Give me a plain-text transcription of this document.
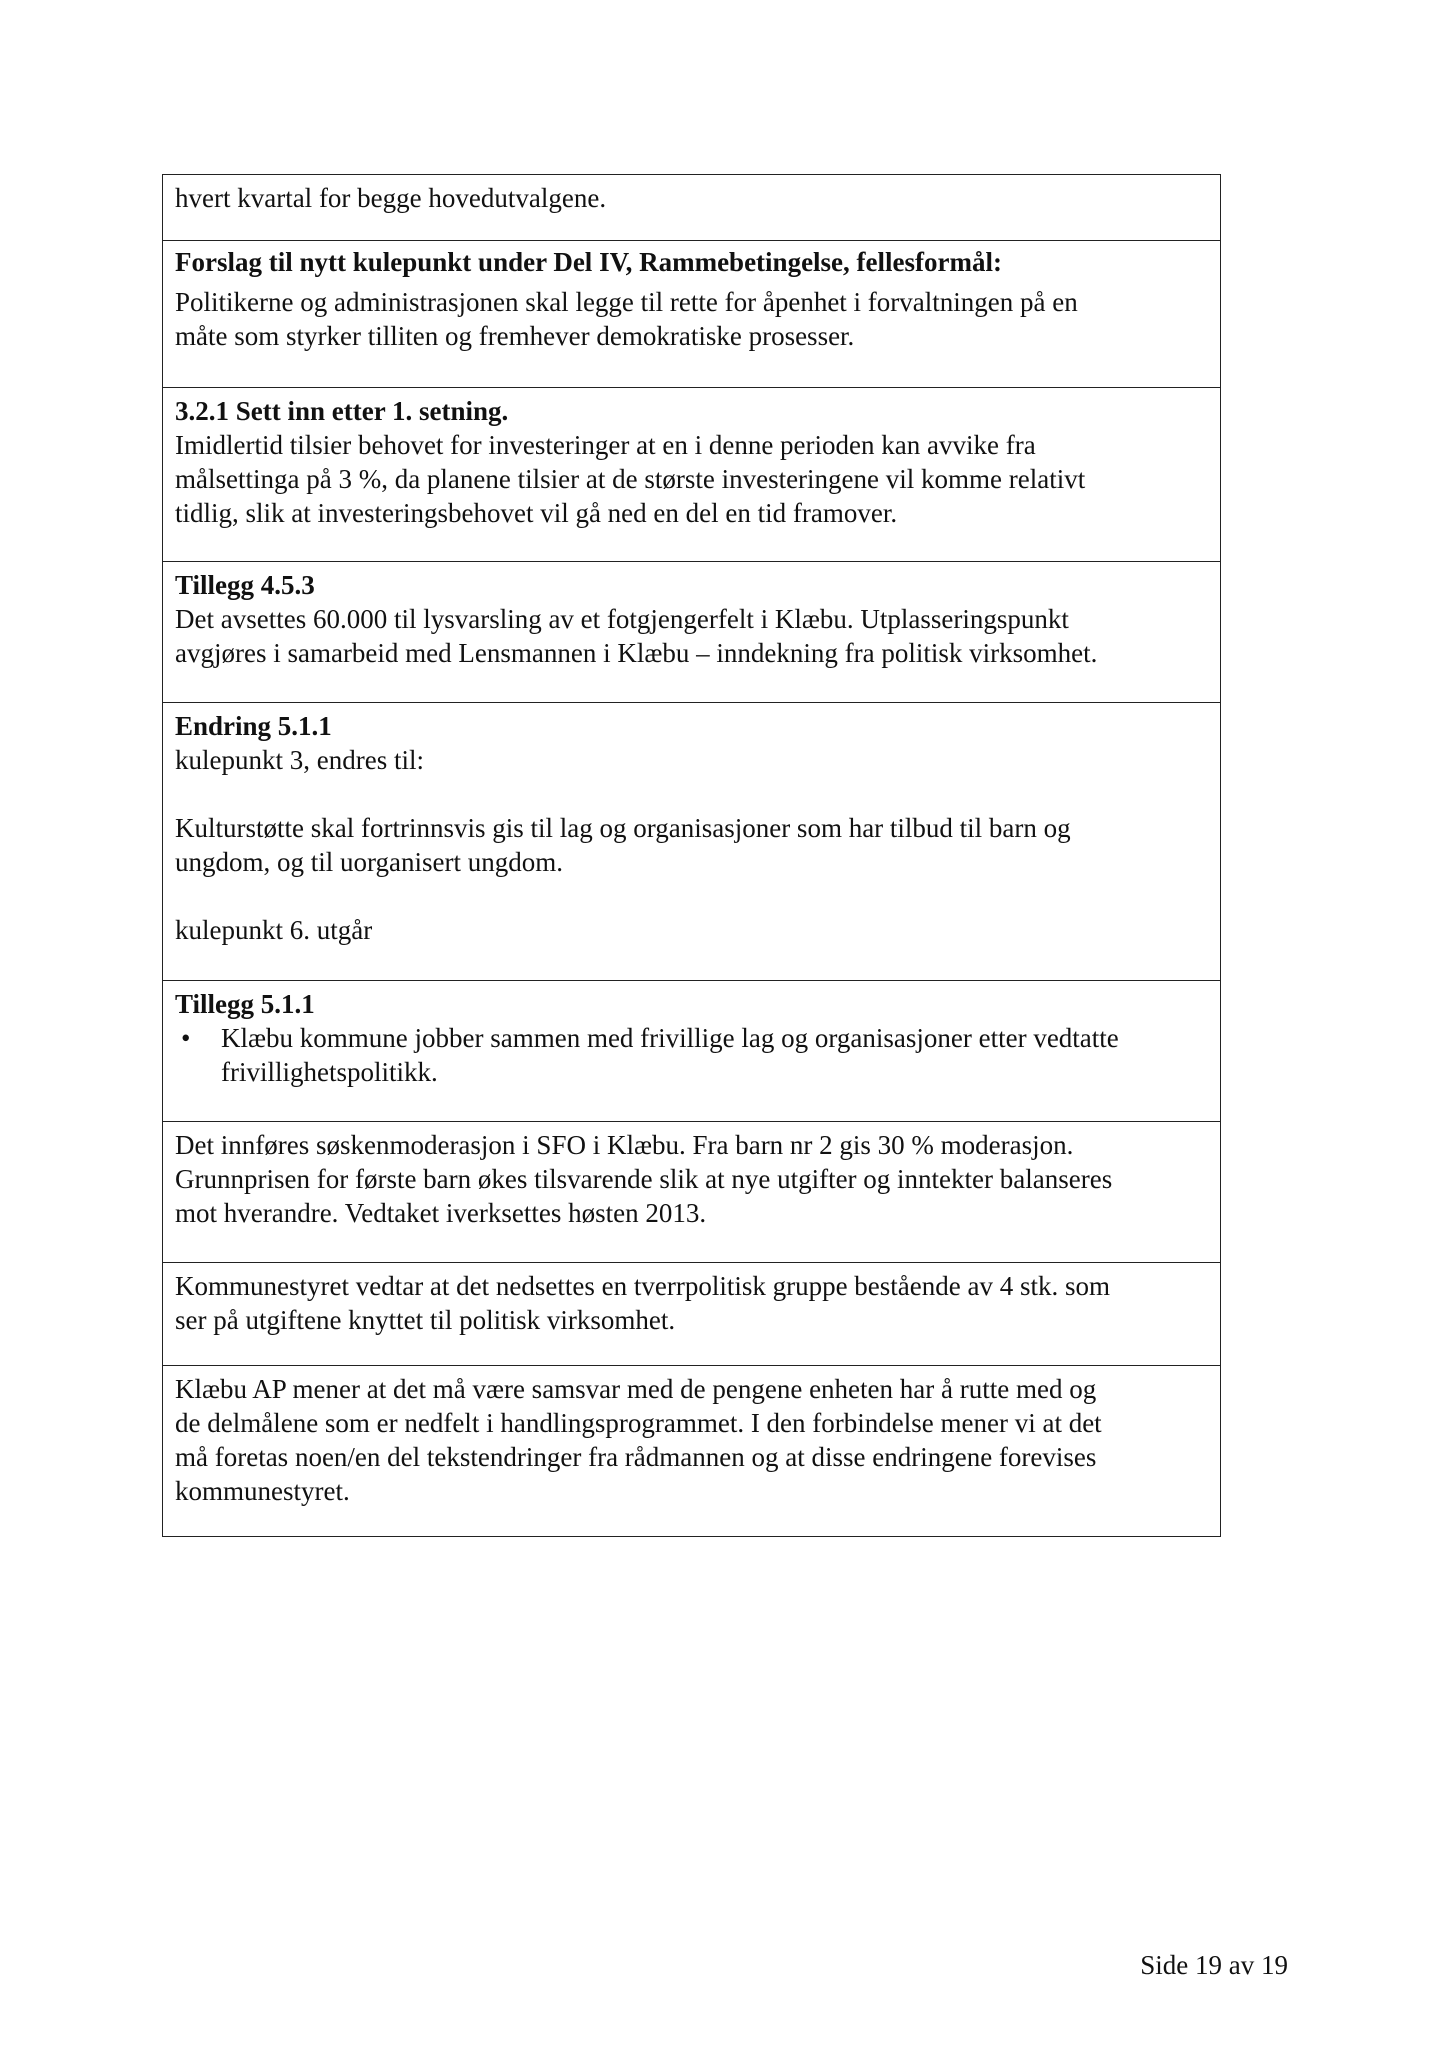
hvert kvartal for begge hovedutvalgene.

Forslag til nytt kulepunkt under Del IV, Rammebetingelse, fellesformål:

Politikerne og administrasjonen skal legge til rette for åpenhet i forvaltningen på en

måte som styrker tilliten og fremhever demokratiske prosesser.

3.2.1 Sett inn etter 1. setning.

Imidlertid tilsier behovet for investeringer at en i denne perioden kan avvike fra

målsettinga på 3 %, da planene tilsier at de største investeringene vil komme relativt

tidlig, slik at investeringsbehovet vil gå ned en del en tid framover.

Tillegg 4.5.3

Det avsettes 60.000 til lysvarsling av et fotgjengerfelt i Klæbu. Utplasseringspunkt

avgjøres i samarbeid med Lensmannen i Klæbu – inndekning fra politisk virksomhet.

Endring 5.1.1

kulepunkt 3, endres til:

Kulturstøtte skal fortrinnsvis gis til lag og organisasjoner som har tilbud til barn og

ungdom, og til uorganisert ungdom.

kulepunkt 6. utgår

Tillegg 5.1.1

•	Klæbu kommune jobber sammen med frivillige lag og organisasjoner etter vedtatte

frivillighetspolitikk.

Det innføres søskenmoderasjon i SFO i Klæbu. Fra barn nr 2 gis 30 % moderasjon.

Grunnprisen for første barn økes tilsvarende slik at nye utgifter og inntekter balanseres

mot hverandre. Vedtaket iverksettes høsten 2013.

Kommunestyret vedtar at det nedsettes en tverrpolitisk gruppe bestående av 4 stk. som

ser på utgiftene knyttet til politisk virksomhet.

Klæbu AP mener at det må være samsvar med de pengene enheten har å rutte med og

de delmålene som er nedfelt i handlingsprogrammet. I den forbindelse mener vi at det

må foretas noen/en del tekstendringer fra rådmannen og at disse endringene forevises

kommunestyret.

Side 19 av 19
